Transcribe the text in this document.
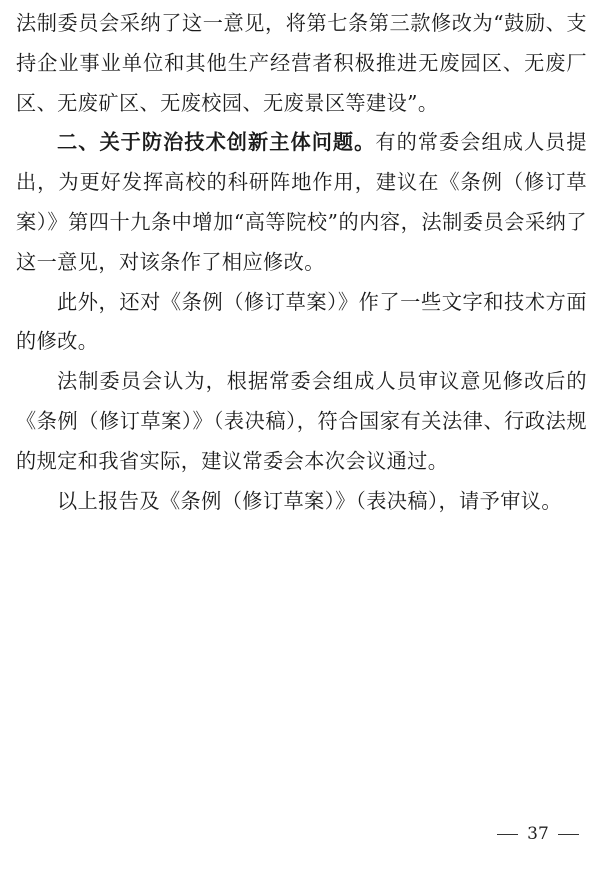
法制委员会采纳了这一意见，将第七条第三款修改为“鼓励、支持企业事业单位和其他生产经营者积极推进无废园区、无废厂区、无废矿区、无废校园、无废景区等建设”。

二、关于防治技术创新主体问题。有的常委会组成人员提出，为更好发挥高校的科研阵地作用，建议在《条例（修订草案）》第四十九条中增加“高等院校”的内容，法制委员会采纳了这一意见，对该条作了相应修改。

此外，还对《条例（修订草案）》作了一些文字和技术方面的修改。

法制委员会认为，根据常委会组成人员审议意见修改后的《条例（修订草案）》（表决稿），符合国家有关法律、行政法规的规定和我省实际，建议常委会本次会议通过。

以上报告及《条例（修订草案）》（表决稿），请予审议。

37
